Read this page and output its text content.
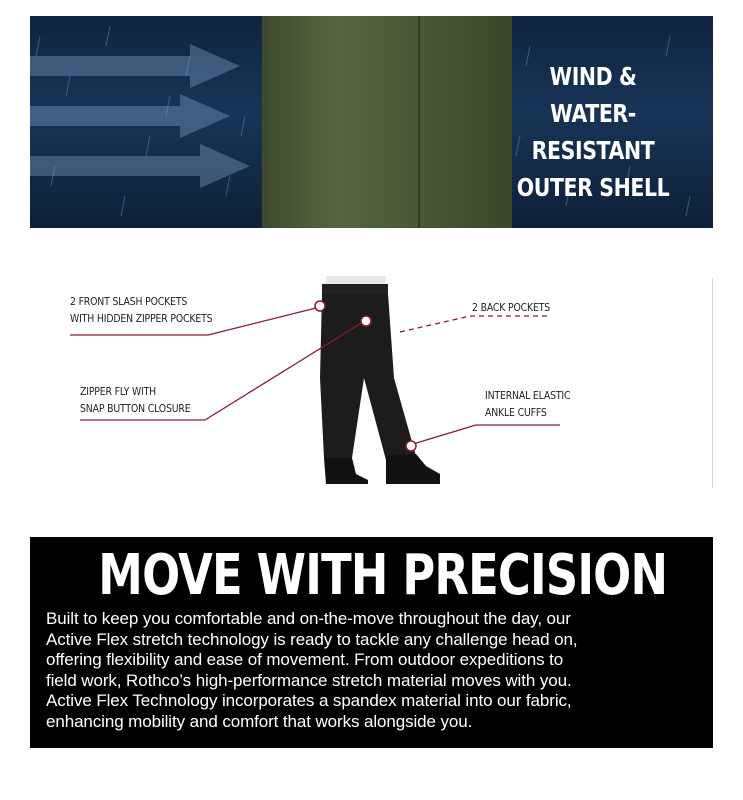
WIND &
WATER-RESISTANT
OUTER SHELL
2 FRONT SLASH POCKETS
WITH HIDDEN ZIPPER POCKETS
ZIPPER FLY WITH
SNAP BUTTON CLOSURE
2 BACK POCKETS
INTERNAL ELASTIC
ANKLE CUFFS
MOVE WITH PRECISION
Built to keep you comfortable and on-the-move throughout the day, our
Active Flex stretch technology is ready to tackle any challenge head on,
offering flexibility and ease of movement. From outdoor expeditions to
field work, Rothco’s high-performance stretch material moves with you.
Active Flex Technology incorporates a spandex material into our fabric,
enhancing mobility and comfort that works alongside you.
